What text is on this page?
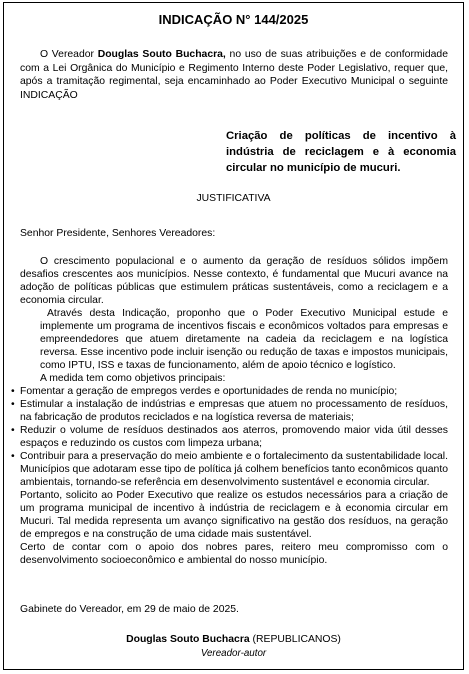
INDICAÇÃO N° 144/2025

O Vereador Douglas Souto Buchacra, no uso de suas atribuições e de conformidade com a Lei Orgânica do Município e Regimento Interno deste Poder Legislativo, requer que, após a tramitação regimental, seja encaminhado ao Poder Executivo Municipal o seguinte INDICAÇÃO

Criação de políticas de incentivo à indústria de reciclagem e à economia circular no município de mucuri.
JUSTIFICATIVA
Senhor Presidente, Senhores Vereadores:

O crescimento populacional e o aumento da geração de resíduos sólidos impõem desafios crescentes aos municípios. Nesse contexto, é fundamental que Mucuri avance na adoção de políticas públicas que estimulem práticas sustentáveis, como a reciclagem e a economia circular.

Através desta Indicação, proponho que o Poder Executivo Municipal estude e implemente um programa de incentivos fiscais e econômicos voltados para empresas e empreendedores que atuem diretamente na cadeia da reciclagem e na logística reversa. Esse incentivo pode incluir isenção ou redução de taxas e impostos municipais, como IPTU, ISS e taxas de funcionamento, além de apoio técnico e logístico.

A medida tem como objetivos principais:

• Fomentar a geração de empregos verdes e oportunidades de renda no município;
• Estimular a instalação de indústrias e empresas que atuem no processamento de resíduos, na fabricação de produtos reciclados e na logística reversa de materiais;
• Reduzir o volume de resíduos destinados aos aterros, promovendo maior vida útil desses espaços e reduzindo os custos com limpeza urbana;
• Contribuir para a preservação do meio ambiente e o fortalecimento da sustentabilidade local.

Municípios que adotaram esse tipo de política já colhem benefícios tanto econômicos quanto ambientais, tornando-se referência em desenvolvimento sustentável e economia circular.

Portanto, solicito ao Poder Executivo que realize os estudos necessários para a criação de um programa municipal de incentivo à indústria de reciclagem e à economia circular em Mucuri. Tal medida representa um avanço significativo na gestão dos resíduos, na geração de empregos e na construção de uma cidade mais sustentável.

Certo de contar com o apoio dos nobres pares, reitero meu compromisso com o desenvolvimento socioeconômico e ambiental do nosso município.

Gabinete do Vereador, em 29 de maio de 2025.
Douglas Souto Buchacra (REPUBLICANOS)
Vereador-autor
